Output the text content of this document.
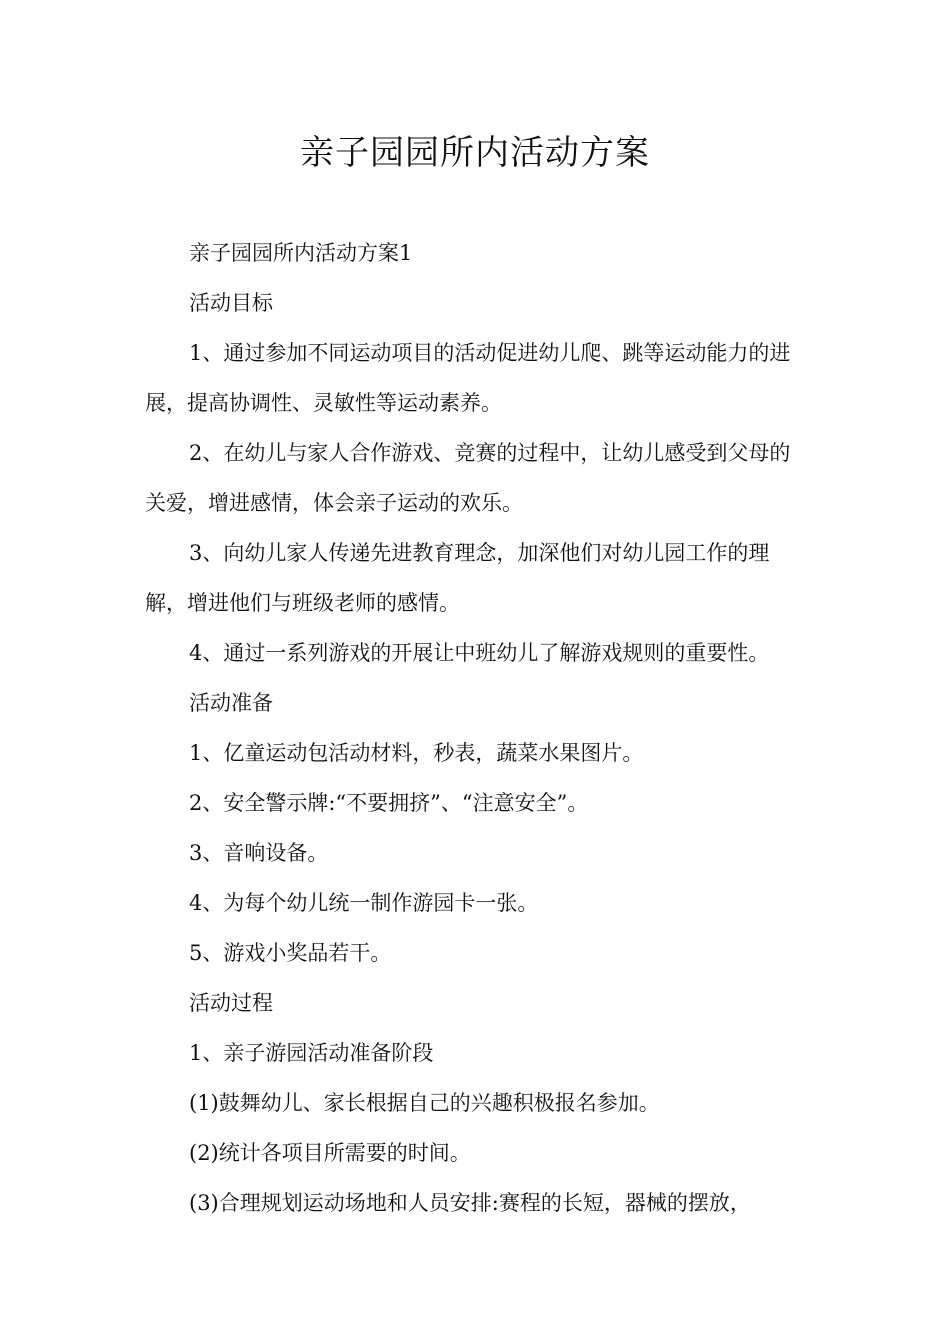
亲子园园所内活动方案

亲子园园所内活动方案1

活动目标

1、通过参加不同运动项目的活动促进幼儿爬、跳等运动能力的进展，提高协调性、灵敏性等运动素养。

2、在幼儿与家人合作游戏、竞赛的过程中，让幼儿感受到父母的关爱，增进感情，体会亲子运动的欢乐。

3、向幼儿家人传递先进教育理念，加深他们对幼儿园工作的理解，增进他们与班级老师的感情。

4、通过一系列游戏的开展让中班幼儿了解游戏规则的重要性。

活动准备

1、亿童运动包活动材料，秒表，蔬菜水果图片。

2、安全警示牌:“不要拥挤”、“注意安全”。

3、音响设备。

4、为每个幼儿统一制作游园卡一张。

5、游戏小奖品若干。

活动过程

1、亲子游园活动准备阶段

(1)鼓舞幼儿、家长根据自己的兴趣积极报名参加。

(2)统计各项目所需要的时间。

(3)合理规划运动场地和人员安排:赛程的长短，器械的摆放，
